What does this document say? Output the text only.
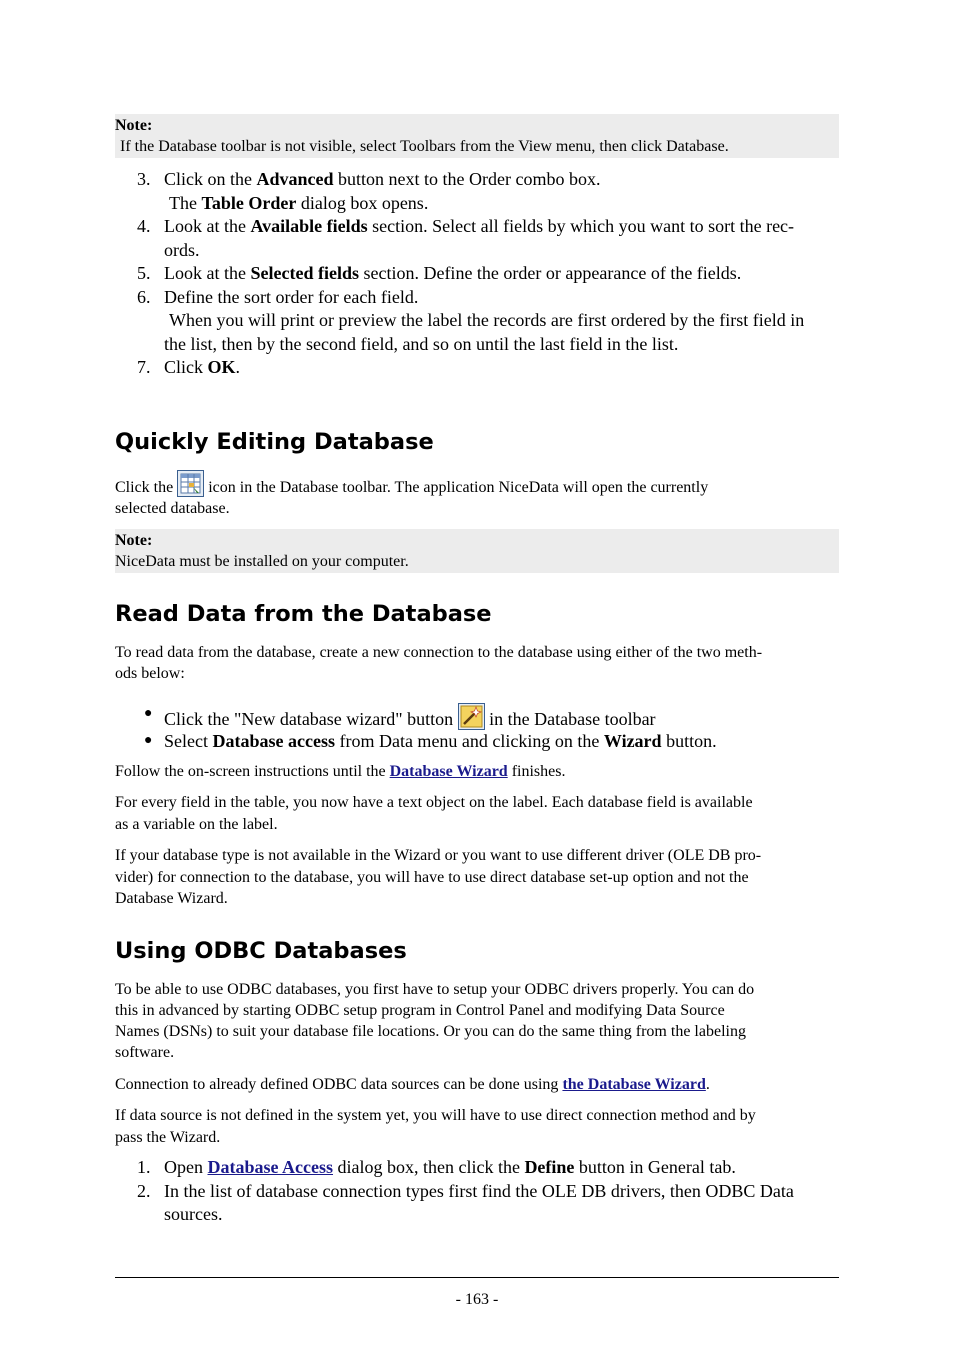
Note:
If the Database toolbar is not visible, select Toolbars from the View menu, then click Database.
3. Click on the Advanced button next to the Order combo box.
The Table Order dialog box opens.
4. Look at the Available fields section. Select all fields by which you want to sort the rec-
ords.
5. Look at the Selected fields section. Define the order or appearance of the fields.
6. Define the sort order for each field.
When you will print or preview the label the records are first ordered by the first field in
the list, then by the second field, and so on until the last field in the list.
7. Click OK.
Quickly Editing Database

Click the icon in the Database toolbar. The application NiceData will open the currently
selected database.

Note:
NiceData must be installed on your computer.
Read Data from the Database

To read data from the database, create a new connection to the database using either of the two meth-
ods below:

● Click the "New database wizard" button in the Database toolbar
● Select Database access from Data menu and clicking on the Wizard button.

Follow the on-screen instructions until the Database Wizard finishes.

For every field in the table, you now have a text object on the label. Each database field is available
as a variable on the label.

If your database type is not available in the Wizard or you want to use different driver (OLE DB pro-
vider) for connection to the database, you will have to use direct database set-up option and not the
Database Wizard.

Using ODBC Databases

To be able to use ODBC databases, you first have to setup your ODBC drivers properly. You can do
this in advanced by starting ODBC setup program in Control Panel and modifying Data Source
Names (DSNs) to suit your database file locations. Or you can do the same thing from the labeling
software.

Connection to already defined ODBC data sources can be done using the Database Wizard.

If data source is not defined in the system yet, you will have to use direct connection method and by
pass the Wizard.

1. Open Database Access dialog box, then click the Define button in General tab.
2. In the list of database connection types first find the OLE DB drivers, then ODBC Data
sources.
- 163 -
